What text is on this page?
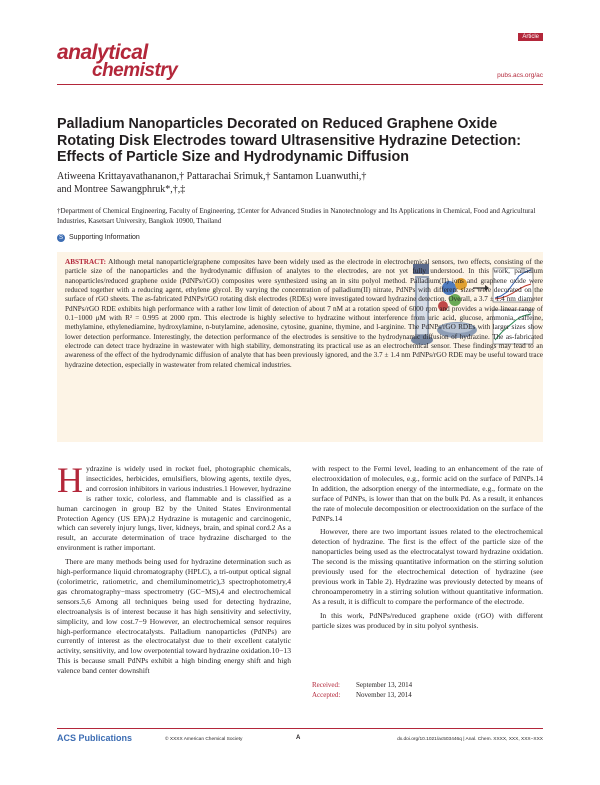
analytical
chemistry
Article
pubs.acs.org/ac
Palladium Nanoparticles Decorated on Reduced Graphene Oxide Rotating Disk Electrodes toward Ultrasensitive Hydrazine Detection: Effects of Particle Size and Hydrodynamic Diffusion
Atiweena Krittayavathananon,† Pattarachai Srimuk,† Santamon Luanwuthi,†
and Montree Sawangphruk*,†,‡
†Department of Chemical Engineering, Faculty of Engineering, ‡Center for Advanced Studies in Nanotechnology and Its Applications in Chemical, Food and Agricultural Industries, Kasetsart University, Bangkok 10900, Thailand
S Supporting Information
ABSTRACT: Although metal nanoparticle/graphene composites have been widely used as the electrode in electrochemical sensors, two effects, consisting of the particle size of the nanoparticles and the hydrodynamic diffusion of analytes to the electrodes, are not yet fully understood. In this work, palladium nanoparticles/reduced graphene oxide (PdNPs/rGO) composites were synthesized using an in situ polyol method. Palladium(II) ions and graphene oxide were reduced together with a reducing agent, ethylene glycol. By varying the concentration of palladium(II) nitrate, PdNPs with different sizes were decorated on the surface of rGO sheets. The as-fabricated PdNPs/rGO rotating disk electrodes (RDEs) were investigated toward hydrazine detection. Overall, a 3.7 ± 1.4 nm diameter PdNPs/rGO RDE exhibits high performance with a rather low limit of detection of about 7 nM at a rotation speed of 6000 rpm and provides a wide linear range of 0.1−1000 μM with R² = 0.995 at 2000 rpm. This electrode is highly selective to hydrazine without interference from uric acid, glucose, ammonia, caffeine, methylamine, ethylenediamine, hydroxylamine, n-butylamine, adenosine, cytosine, guanine, thymine, and l-arginine. The PdNPs/rGO RDEs with larger sizes show lower detection performance. Interestingly, the detection performance of the electrodes is sensitive to the hydrodynamic diffusion of hydrazine. The as-fabricated electrode can detect trace hydrazine in wastewater with high stability, demonstrating its practical use as an electrochemical sensor. These findings may lead to an awareness of the effect of the hydrodynamic diffusion of analyte that has been previously ignored, and the 3.7 ± 1.4 nm PdNPs/rGO RDE may be useful toward trace hydrazine detection, especially in wastewater from related chemical industries.

Hydrazine is widely used in rocket fuel, photographic chemicals, insecticides, herbicides, emulsifiers, blowing agents, textile dyes, and corrosion inhibitors in various industries.1 However, hydrazine is rather toxic, colorless, and flammable and is classified as a human carcinogen in group B2 by the United States Environmental Protection Agency (US EPA).2 Hydrazine is mutagenic and carcinogenic, which can severely injury lungs, liver, kidneys, brain, and spinal cord.2 As a result, an accurate determination of trace hydrazine discharged to the environment is rather important.

There are many methods being used for hydrazine determination such as high-performance liquid chromatography (HPLC), a tri-output optical signal (colorimetric, ratiometric, and chemiluminometric),3 spectrophotometry,4 gas chromatography−mass spectrometry (GC−MS),4 and electrochemical sensors.5,6 Among all techniques being used for detecting hydrazine, electroanalysis is of interest because it has high sensitivity and selectivity, simplicity, and low cost.7−9 However, an electrochemical sensor requires high-performance electrocatalysts. Palladium nanoparticles (PdNPs) are currently of interest as the electrocatalyst due to their excellent catalytic activity, sensitivity, and low overpotential toward hydrazine oxidation.10−13 This is because small PdNPs exhibit a high binding energy shift and high valence band center downshift

with respect to the Fermi level, leading to an enhancement of the rate of electrooxidation of molecules, e.g., formic acid on the surface of PdNPs.14 In addition, the adsorption energy of the intermediate, e.g., formate on the surface of PdNPs, is lower than that on the bulk Pd. As a result, it enhances the rate of molecule decomposition or electrooxidation on the surface of the PdNPs.14

However, there are two important issues related to the electrochemical detection of hydrazine. The first is the effect of the particle size of the nanoparticles being used as the electrocatalyst toward hydrazine oxidation. The second is the missing quantitative information on the stirring solution previously used for the electrochemical detection of hydrazine (see previous work in Table 2). Hydrazine was previously detected by means of chronoamperometry in a stirring solution without quantitative information. As a result, it is difficult to compare the performance of the electrode.

In this work, PdNPs/reduced graphene oxide (rGO) with different particle sizes was produced by in situ polyol synthesis.

Received: September 13, 2014
Accepted: November 13, 2014
ACS Publications	© XXXX American Chemical Society	A	dx.doi.org/10.1021/ac503446q | Anal. Chem. XXXX, XXX, XXX−XXX
